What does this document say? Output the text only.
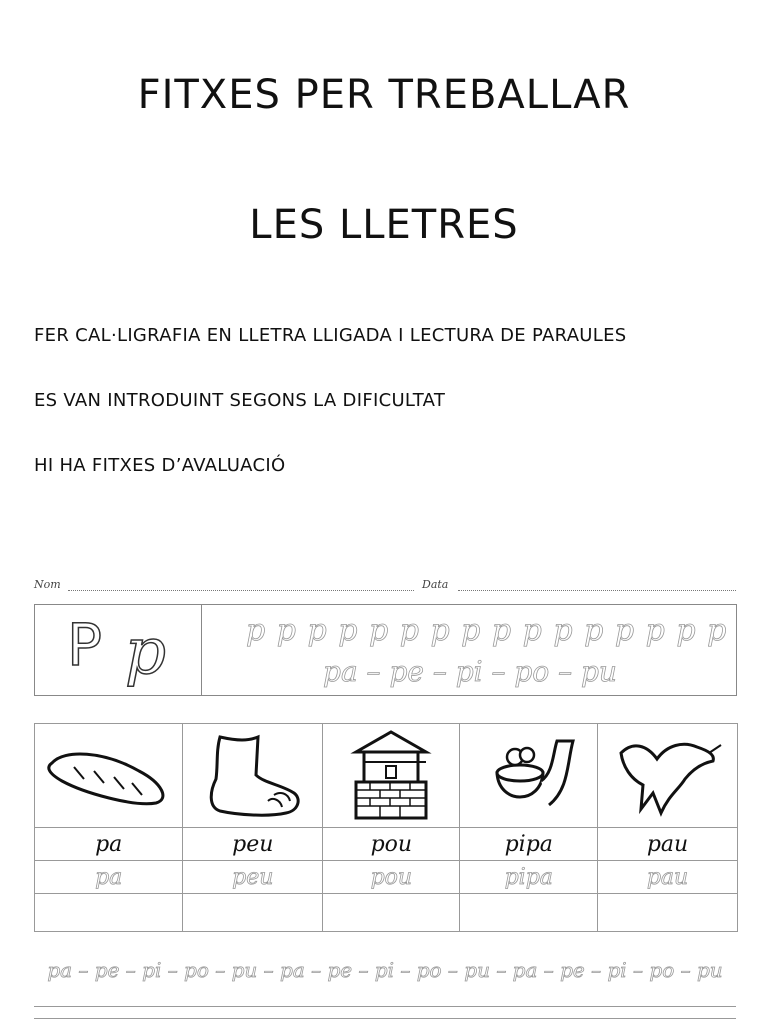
FITXES PER TREBALLAR
LES LLETRES
FER CAL·LIGRAFIA EN LLETRA LLIGADA I LECTURA DE PARAULES
ES VAN INTRODUINT SEGONS LA DIFICULTAT
HI HA FITXES D’AVALUACIÓ
Nom	Data
P p	p p p p p p p p p p p p p p p p
pa – pe – pi – po – pu

pa	peu	pou	pipa	pau
pa	peu	pou	pipa	pau

pa – pe – pi – po – pu – pa – pe – pi – po – pu – pa – pe – pi – po – pu
